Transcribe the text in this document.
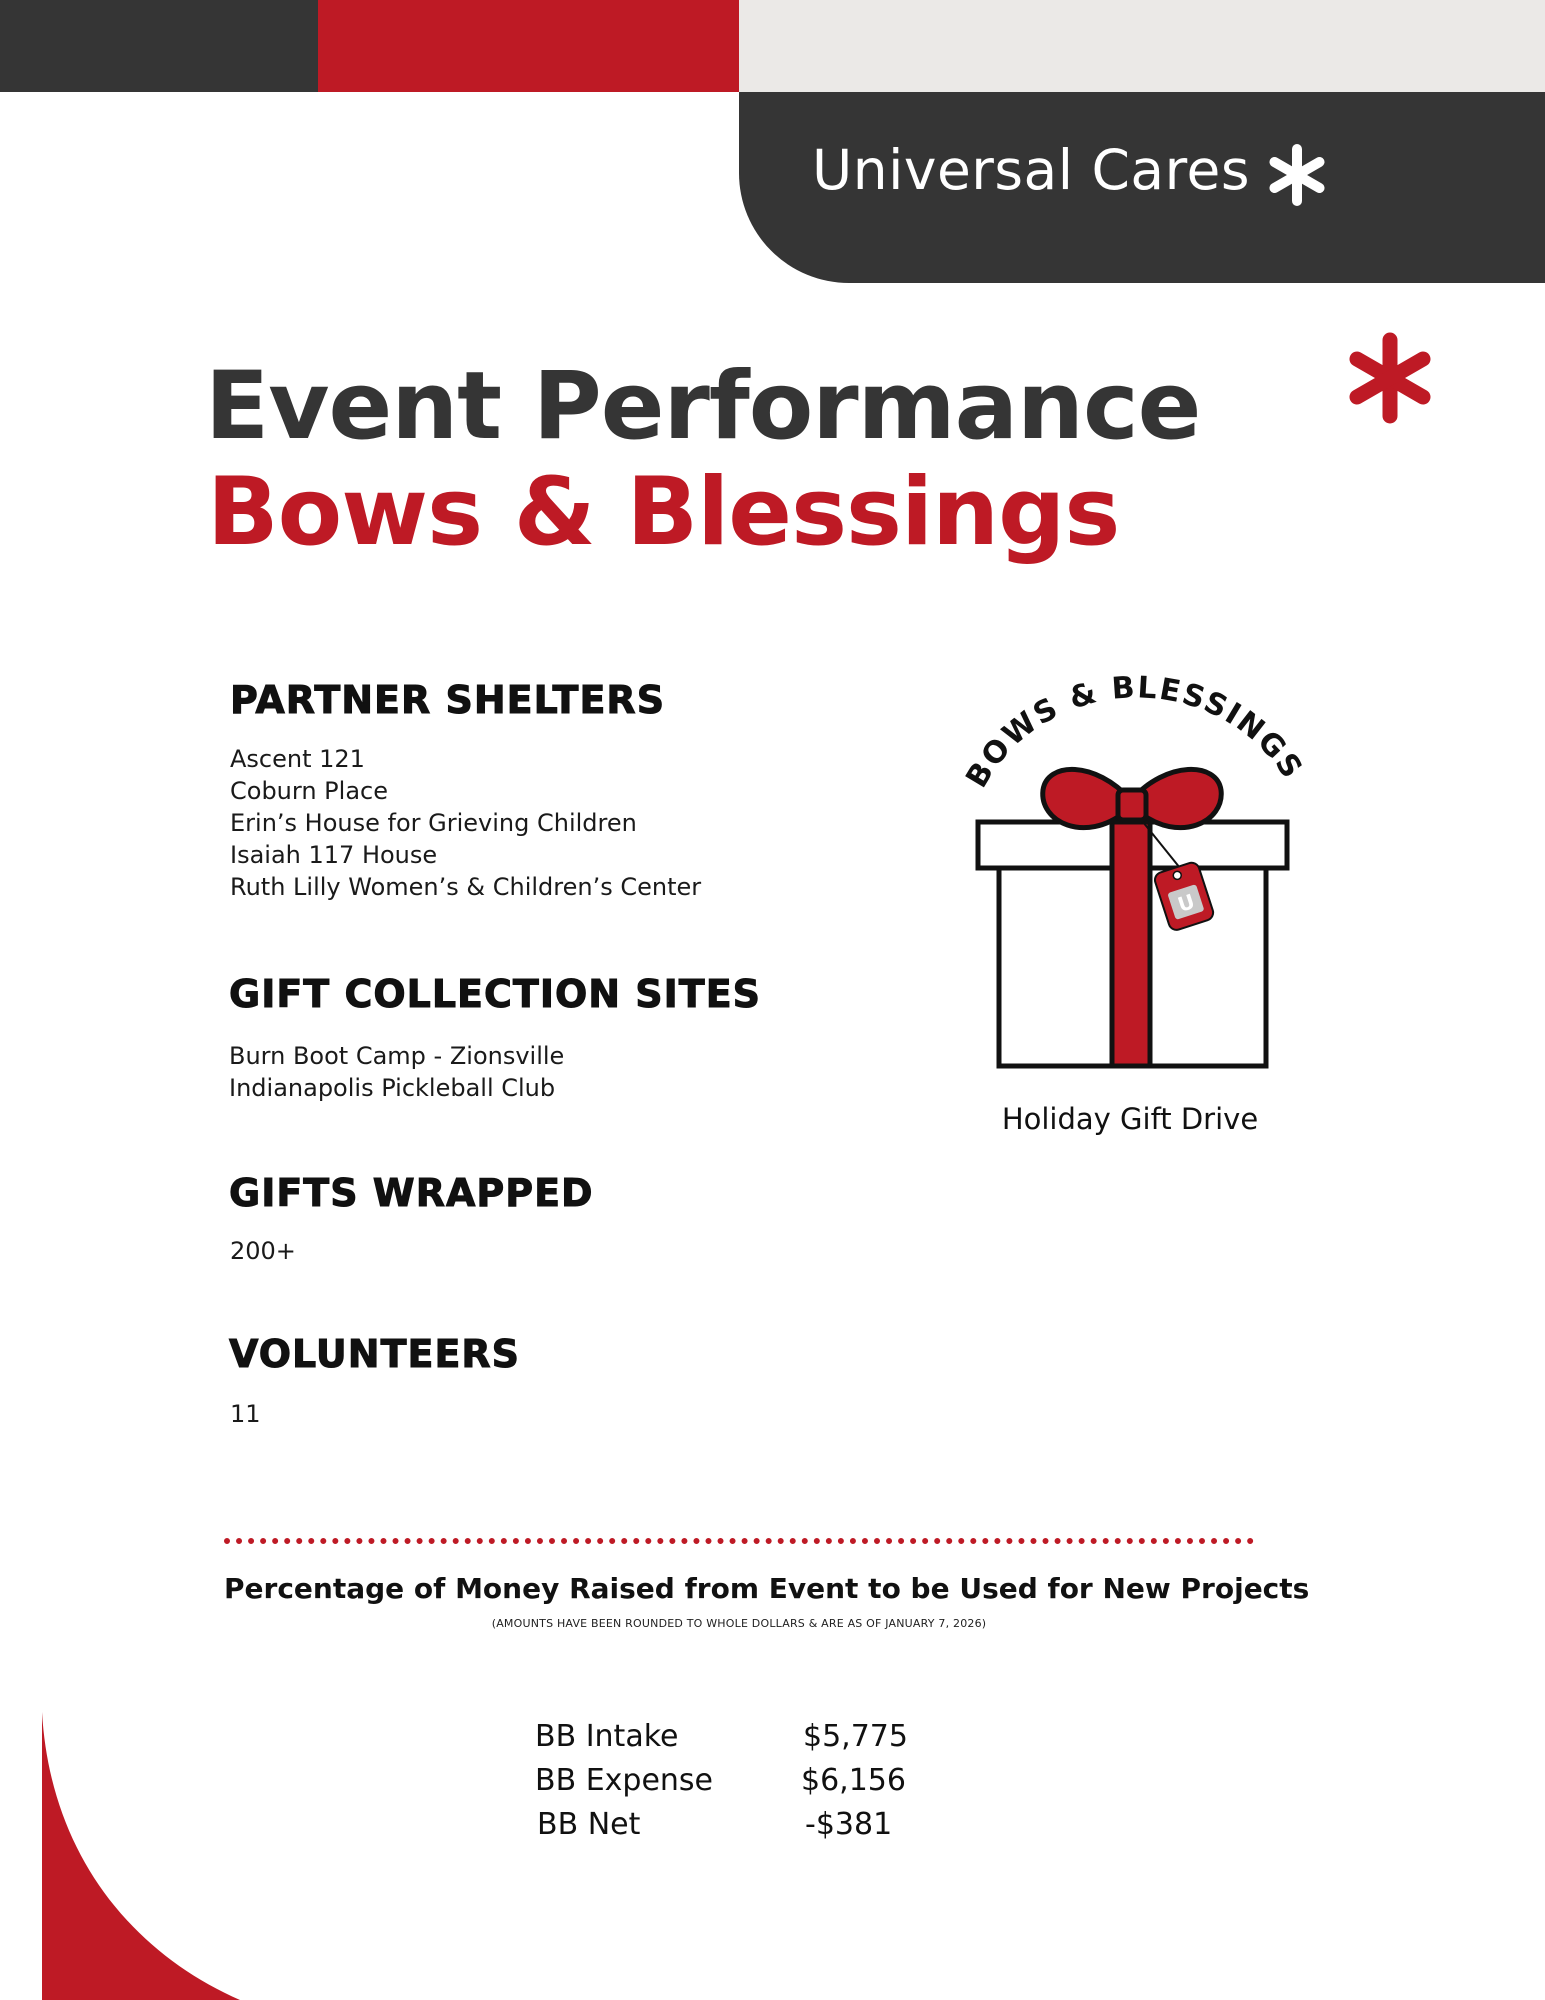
Universal Cares
Event Performance
Bows & Blessings
PARTNER SHELTERS
Ascent 121
Coburn Place
Erin’s House for Grieving Children
Isaiah 117 House
Ruth Lilly Women’s & Children’s Center
GIFT COLLECTION SITES
Burn Boot Camp - Zionsville
Indianapolis Pickleball Club
GIFTS WRAPPED
200+
VOLUNTEERS
11
BOWS & BLESSINGS
U
Holiday Gift Drive
Percentage of Money Raised from Event to be Used for New Projects
(AMOUNTS HAVE BEEN ROUNDED TO WHOLE DOLLARS & ARE AS OF JANUARY 7, 2026)
BB Intake	$5,775
BB Expense	$6,156
BB Net	-$381
